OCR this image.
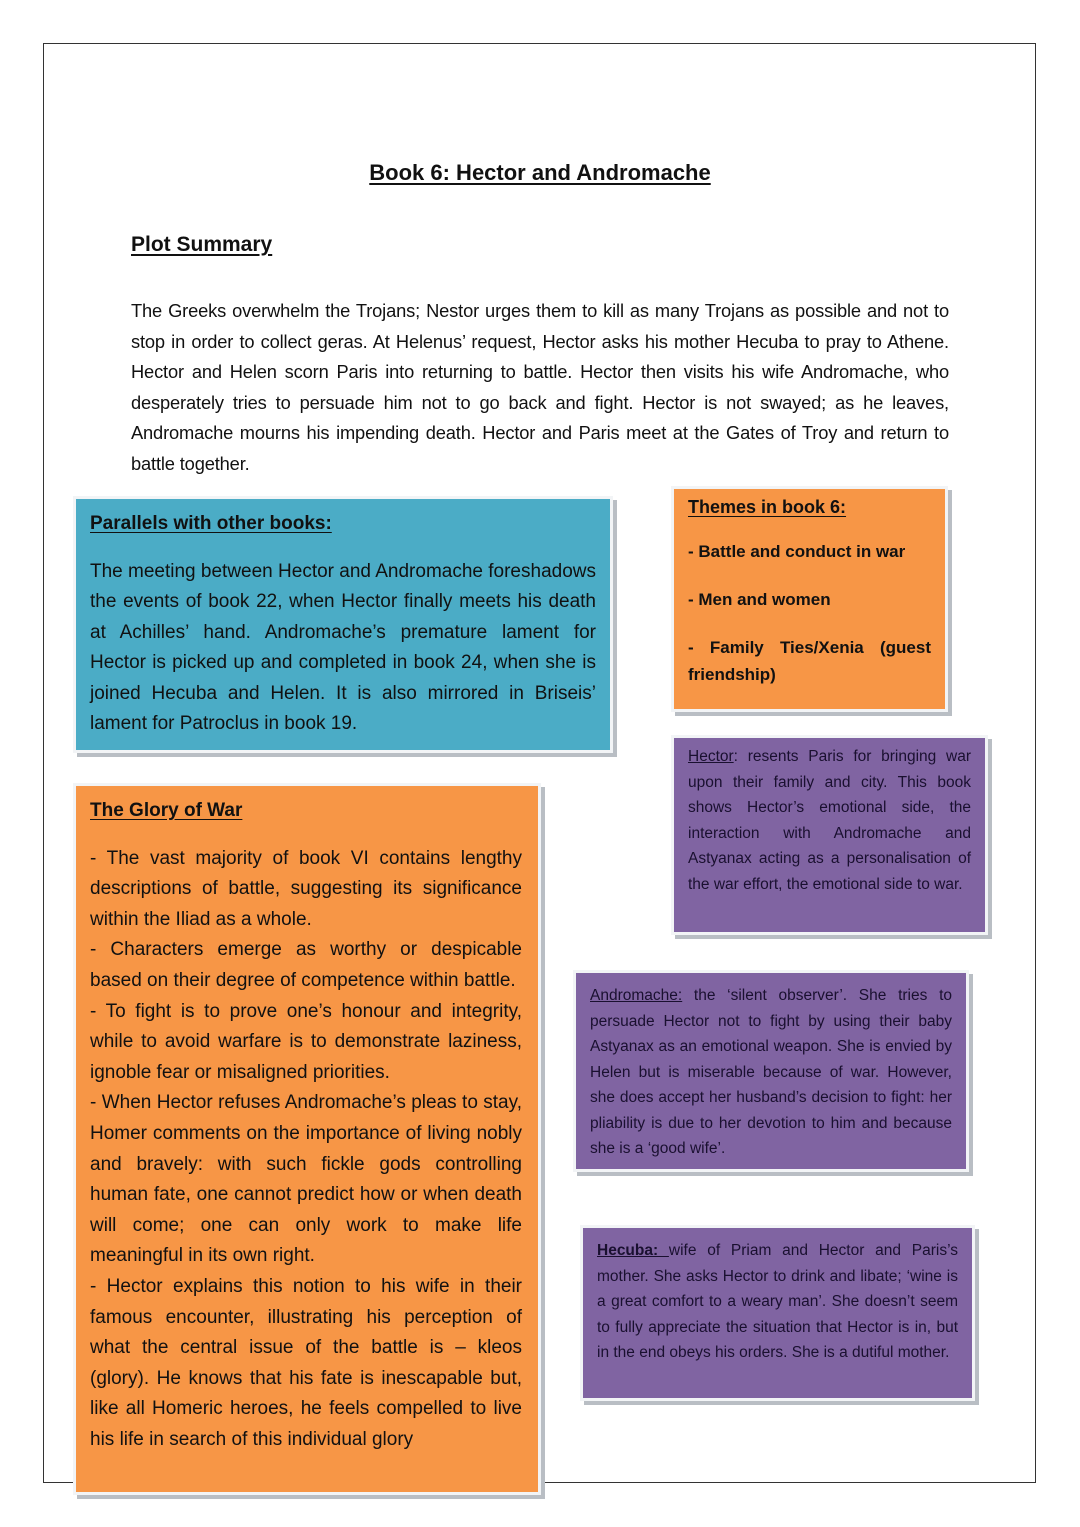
Book 6: Hector and Andromache
Plot Summary
The Greeks overwhelm the Trojans; Nestor urges them to kill as many Trojans as possible and not to stop in order to collect geras. At Helenus’ request, Hector asks his mother Hecuba to pray to Athene. Hector and Helen scorn Paris into returning to battle. Hector then visits his wife Andromache, who desperately tries to persuade him not to go back and fight. Hector is not swayed; as he leaves, Andromache mourns his impending death. Hector and Paris meet at the Gates of Troy and return to battle together.
Parallels with other books:
The meeting between Hector and Andromache foreshadows the events of book 22, when Hector finally meets his death at Achilles’ hand. Andromache’s premature lament for Hector is picked up and completed in book 24, when she is joined Hecuba and Helen. It is also mirrored in Briseis’ lament for Patroclus in book 19.
Themes in book 6:
- Battle and conduct in war
- Men and women
- Family Ties/Xenia (guest friendship)
The Glory of War
- The vast majority of book VI contains lengthy descriptions of battle, suggesting its significance within the Iliad as a whole.
- Characters emerge as worthy or despicable based on their degree of competence within battle.
- To fight is to prove one’s honour and integrity, while to avoid warfare is to demonstrate laziness, ignoble fear or misaligned priorities.
- When Hector refuses Andromache’s pleas to stay, Homer comments on the importance of living nobly and bravely: with such fickle gods controlling human fate, one cannot predict how or when death will come; one can only work to make life meaningful in its own right.
- Hector explains this notion to his wife in their famous encounter, illustrating his perception of what the central issue of the battle is – kleos (glory). He knows that his fate is inescapable but, like all Homeric heroes, he feels compelled to live his life in search of this individual glory
Hector: resents Paris for bringing war upon their family and city. This book shows Hector’s emotional side, the interaction with Andromache and Astyanax acting as a personalisation of the war effort, the emotional side to war.
Andromache: the ‘silent observer’. She tries to persuade Hector not to fight by using their baby Astyanax as an emotional weapon. She is envied by Helen but is miserable because of war. However, she does accept her husband’s decision to fight: her pliability is due to her devotion to him and because she is a ‘good wife’.
Hecuba: wife of Priam and Hector and Paris’s mother. She asks Hector to drink and libate; ‘wine is a great comfort to a weary man’. She doesn’t seem to fully appreciate the situation that Hector is in, but in the end obeys his orders. She is a dutiful mother.
